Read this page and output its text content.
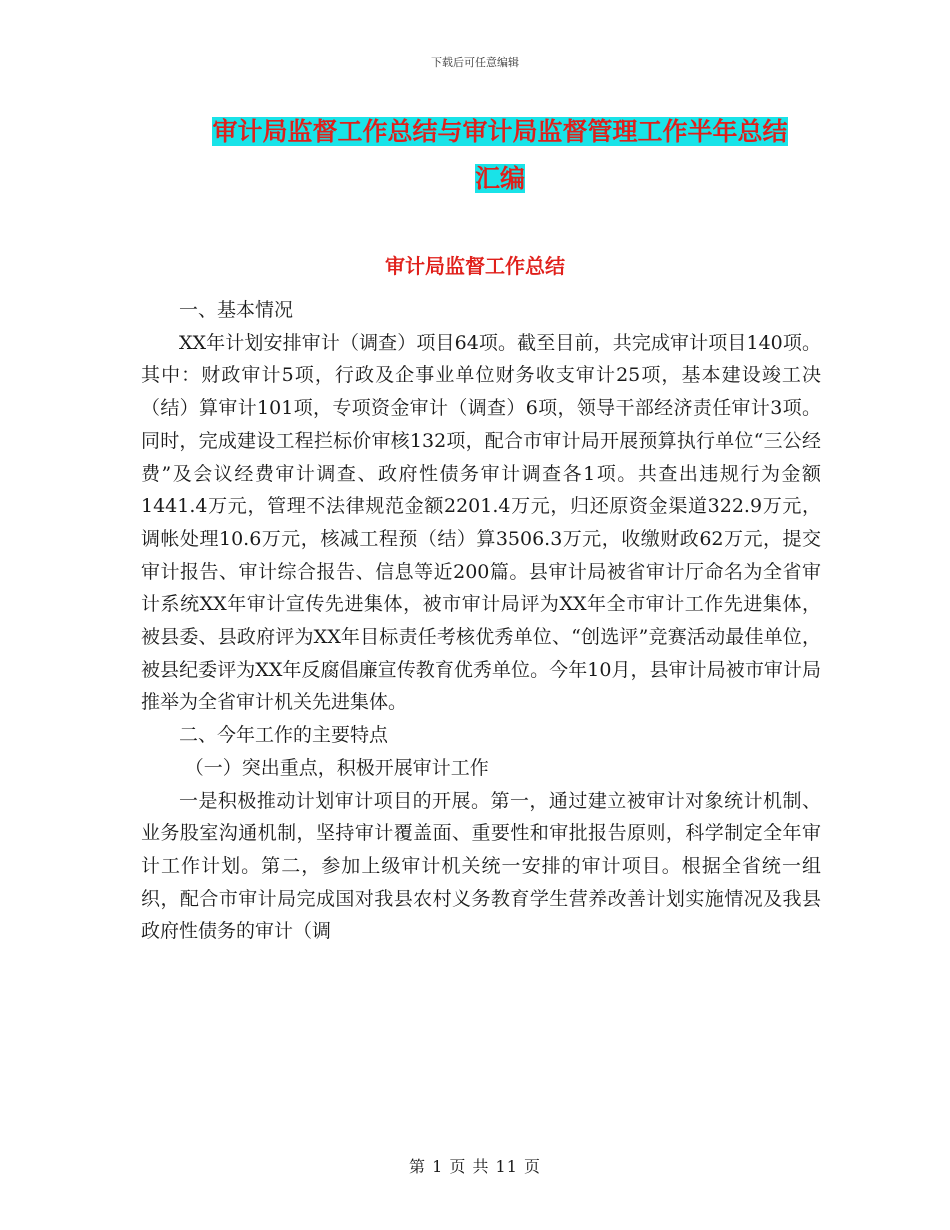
下载后可任意编辑
审计局监督工作总结与审计局监督管理工作半年总结
汇编
审计局监督工作总结

一、基本情况

XX年计划安排审计（调查）项目64项。截至目前，共完成审计项目140项。其中：财政审计5项，行政及企事业单位财务收支审计25项，基本建设竣工决（结）算审计101项，专项资金审计（调查）6项，领导干部经济责任审计3项。同时，完成建设工程拦标价审核132项，配合市审计局开展预算执行单位“三公经费”及会议经费审计调查、政府性债务审计调查各1项。共查出违规行为金额1441.4万元，管理不法律规范金额2201.4万元，归还原资金渠道322.9万元，调帐处理10.6万元，核减工程预（结）算3506.3万元，收缴财政62万元，提交审计报告、审计综合报告、信息等近200篇。县审计局被省审计厅命名为全省审计系统XX年审计宣传先进集体，被市审计局评为XX年全市审计工作先进集体，被县委、县政府评为XX年目标责任考核优秀单位、“创选评”竞赛活动最佳单位，被县纪委评为XX年反腐倡廉宣传教育优秀单位。今年10月，县审计局被市审计局推举为全省审计机关先进集体。

二、今年工作的主要特点

（一）突出重点，积极开展审计工作

一是积极推动计划审计项目的开展。第一，通过建立被审计对象统计机制、业务股室沟通机制，坚持审计覆盖面、重要性和审批报告原则，科学制定全年审计工作计划。第二，参加上级审计机关统一安排的审计项目。根据全省统一组织，配合市审计局完成国对我县农村义务教育学生营养改善计划实施情况及我县政府性债务的审计（调

第 1 页 共 11 页
